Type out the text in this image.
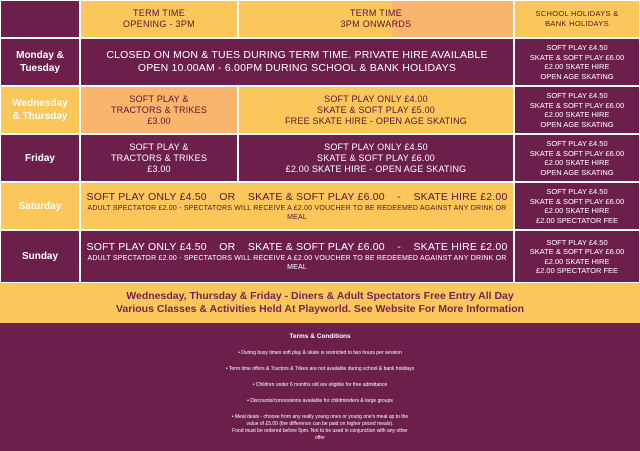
TERM TIME
OPENING - 3PM
TERM TIME
3PM ONWARDS
SCHOOL HOLIDAYS &
BANK HOLIDAYS
Monday &
Tuesday
CLOSED ON MON & TUES DURING TERM TIME. PRIVATE HIRE AVAILABLE
OPEN 10.00AM - 6.00PM DURING SCHOOL & BANK HOLIDAYS
SOFT PLAY £4.50
SKATE & SOFT PLAY £6.00
£2.00 SKATE HIRE
OPEN AGE SKATING
Wednesday
& Thursday
SOFT PLAY &
TRACTORS & TRIKES
£3.00
SOFT PLAY ONLY £4.00
SKATE & SOFT PLAY £5.00
FREE SKATE HIRE - OPEN AGE SKATING
SOFT PLAY £4.50
SKATE & SOFT PLAY £6.00
£2.00 SKATE HIRE
OPEN AGE SKATING
Friday
SOFT PLAY &
TRACTORS & TRIKES
£3.00
SOFT PLAY ONLY £4.50
SKATE & SOFT PLAY £6.00
£2.00 SKATE HIRE - OPEN AGE SKATING
SOFT PLAY £4.50
SKATE & SOFT PLAY £6.00
£2.00 SKATE HIRE
OPEN AGE SKATING
Saturday
SOFT PLAY ONLY £4.50    OR    SKATE & SOFT PLAY £6.00    -    SKATE HIRE £2.00
ADULT SPECTATOR £2.00 - SPECTATORS WILL RECEIVE A £2.00 VOUCHER TO BE REDEEMED AGAINST ANY DRINK OR MEAL
SOFT PLAY £4.50
SKATE & SOFT PLAY £6.00
£2.00 SKATE HIRE
£2.00 SPECTATOR FEE
Sunday
SOFT PLAY ONLY £4.50    OR    SKATE & SOFT PLAY £6.00    -    SKATE HIRE £2.00
ADULT SPECTATOR £2.00 - SPECTATORS WILL RECEIVE A £2.00 VOUCHER TO BE REDEEMED AGAINST ANY DRINK OR MEAL
SOFT PLAY £4.50
SKATE & SOFT PLAY £6.00
£2.00 SKATE HIRE
£2.00 SPECTATOR FEE
Wednesday, Thursday & Friday - Diners & Adult Spectators Free Entry All Day
Various Classes & Activities Held At Playworld. See Website For More Information
Terms & Conditions
• During busy times soft play & skate is restricted to two hours per session
• Term time offers & Tractors & Trikes are not available during school & bank holidays
• Children under 6 months old are eligible for free admittance
• Discounts/concessions available for childminders & large groups
• Meal deals - choose from any really young ones or young one's meal up to the
value of £5.00 (the difference can be paid on higher priced meals).
Food must be ordered before 5pm. Not to be used in conjunction with any other
offer
